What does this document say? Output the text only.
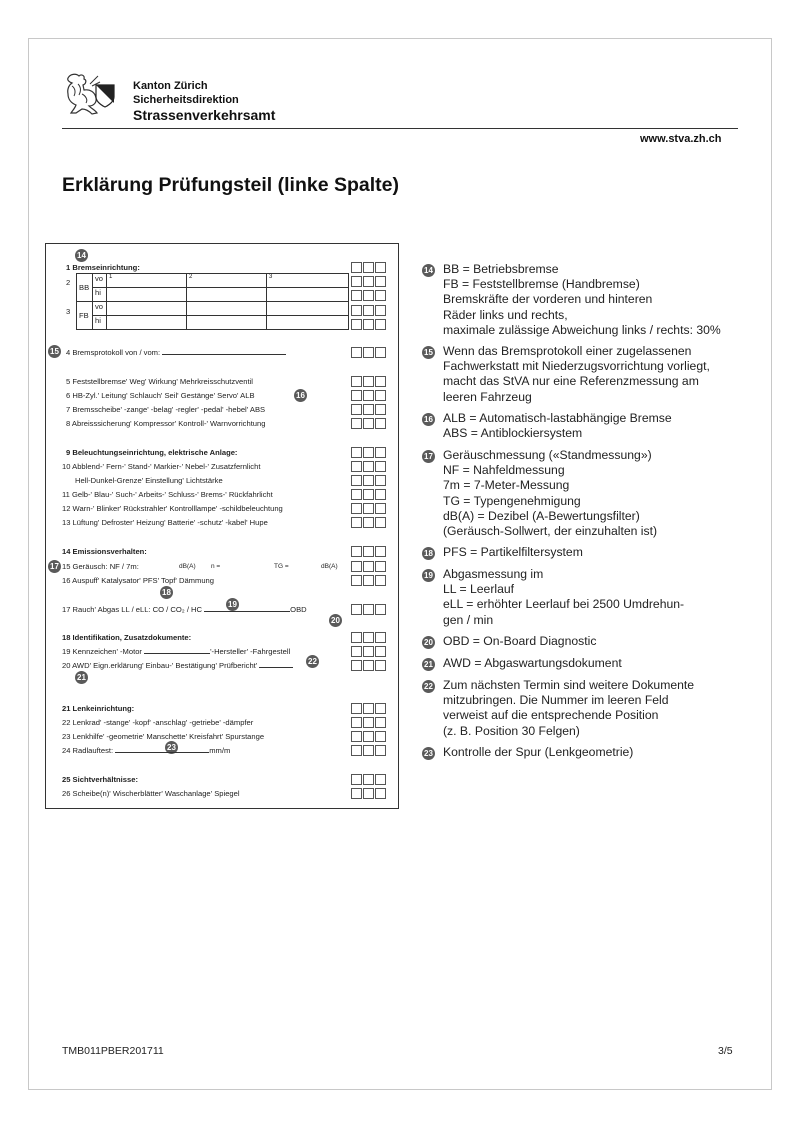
Kanton Zürich
Sicherheitsdirektion
Strassenverkehrsamt
www.stva.zh.ch
Erklärung Prüfungsteil (linke Spalte)
14
15
16
17
18
19
20
22
21
23
1 Bremseinrichtung:
2
3
BB	vo	1	2	3
	hi			
FB	vo			
	hi			
4 Bremsprotokoll von / vom:
5 Feststellbremse' Weg' Wirkung' Mehrkreisschutzventil
6 HB-Zyl.' Leitung' Schlauch' Seil' Gestänge' Servo' ALB
7 Bremsscheibe' -zange' -belag' -regler' -pedal' -hebel' ABS
8 Abreisssicherung' Kompressor' Kontroll-' Warnvorrichtung
9 Beleuchtungseinrichtung, elektrische Anlage:
10 Abblend-' Fern-' Stand-' Markier-' Nebel-' Zusatzfernlicht
Hell-Dunkel-Grenze' Einstellung' Lichtstärke
11 Gelb-' Blau-' Such-' Arbeits-' Schluss-' Brems-' Rückfahrlicht
12 Warn-' Blinker' Rückstrahler' Kontrolllampe' -schildbeleuchtung
13 Lüftung' Defroster' Heizung' Batterie' -schutz' -kabel' Hupe
14 Emissionsverhalten:
15 Geräusch: NF / 7m:	dB(A) n =	TG =	dB(A)
16 Auspuff' Katalysator' PFS' Topf' Dämmung
17 Rauch' Abgas LL / eLL: CO / CO₂ / HC	OBD
18 Identifikation, Zusatzdokumente:
19 Kennzeichen' -Motor	'-Hersteller' -Fahrgestell
20 AWD' Eign.erklärung' Einbau-' Bestätigung' Prüfbericht'
21 Lenkeinrichtung:
22 Lenkrad' -stange' -kopf' -anschlag' -getriebe' -dämpfer
23 Lenkhilfe' -geometrie' Manschette' Kreisfahrt' Spurstange
24 Radlauftest:	mm/m
25 Sichtverhältnisse:
26 Scheibe(n)' Wischerblätter' Waschanlage' Spiegel
14 BB = Betriebsbremse
FB = Feststellbremse (Handbremse)
Bremskräfte der vorderen und hinteren
Räder links und rechts,
maximale zulässige Abweichung links / rechts: 30%
15 Wenn das Bremsprotokoll einer zugelassenen
Fachwerkstatt mit Niederzugsvorrichtung vorliegt,
macht das StVA nur eine Referenzmessung am
leeren Fahrzeug
16 ALB = Automatisch-lastabhängige Bremse
ABS = Antiblockiersystem
17 Geräuschmessung («Standmessung»)
NF = Nahfeldmessung
7m = 7-Meter-Messung
TG = Typengenehmigung
dB(A) = Dezibel (A-Bewertungsfilter)
(Geräusch-Sollwert, der einzuhalten ist)
18 PFS = Partikelfiltersystem
19 Abgasmessung im
LL = Leerlauf
eLL = erhöhter Leerlauf bei 2500 Umdrehun-
gen / min
20 OBD = On-Board Diagnostic
21 AWD = Abgaswartungsdokument
22 Zum nächsten Termin sind weitere Dokumente
mitzubringen. Die Nummer im leeren Feld
verweist auf die entsprechende Position
(z. B. Position 30 Felgen)
23 Kontrolle der Spur (Lenkgeometrie)
TMB011PBER201711	3/5
